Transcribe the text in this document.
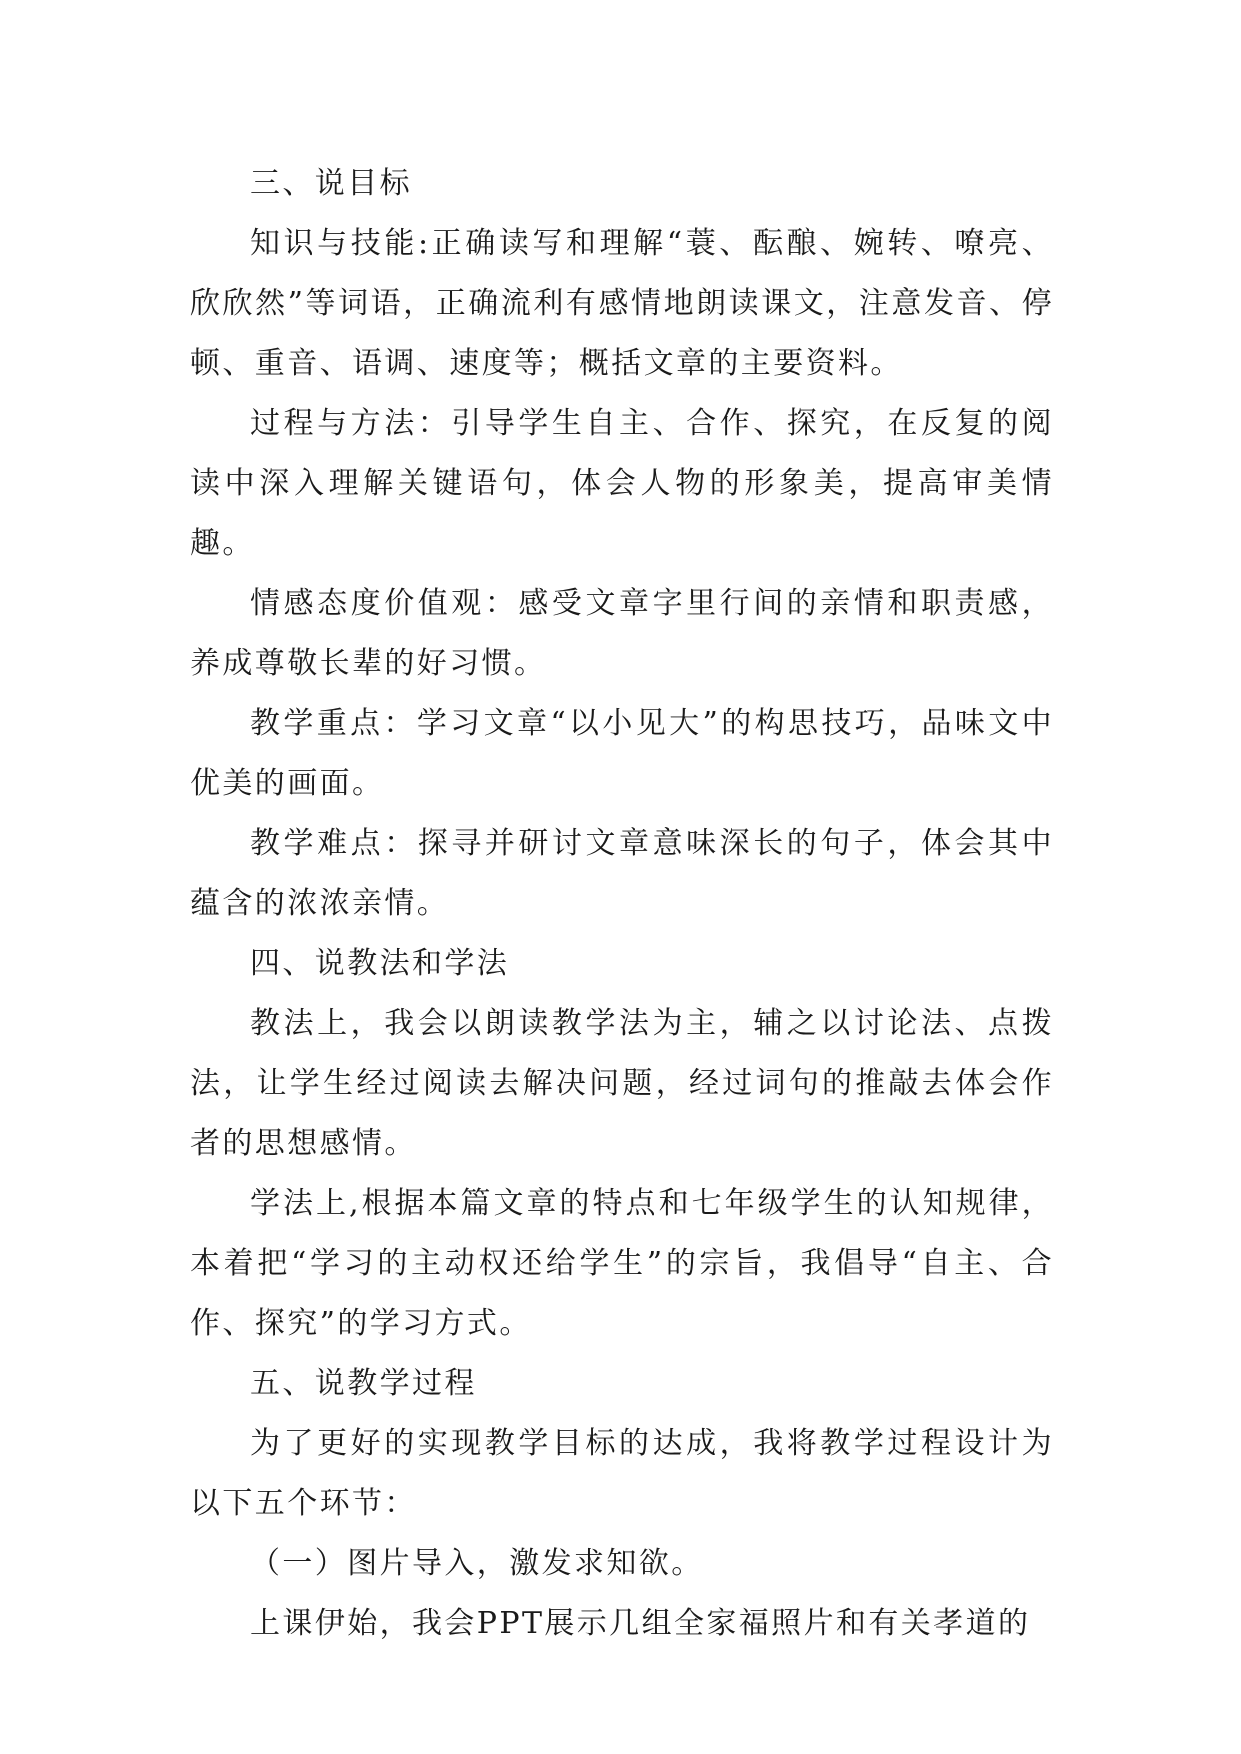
三、说目标

知识与技能:正确读写和理解“蓑、酝酿、婉转、嘹亮、欣欣然”等词语，正确流利有感情地朗读课文，注意发音、停顿、重音、语调、速度等；概括文章的主要资料。

过程与方法：引导学生自主、合作、探究，在反复的阅读中深入理解关键语句，体会人物的形象美，提高审美情趣。

情感态度价值观：感受文章字里行间的亲情和职责感，养成尊敬长辈的好习惯。

教学重点：学习文章“以小见大”的构思技巧，品味文中优美的画面。

教学难点：探寻并研讨文章意味深长的句子，体会其中蕴含的浓浓亲情。

四、说教法和学法

教法上，我会以朗读教学法为主，辅之以讨论法、点拨法，让学生经过阅读去解决问题，经过词句的推敲去体会作者的思想感情。

学法上,根据本篇文章的特点和七年级学生的认知规律，本着把“学习的主动权还给学生”的宗旨，我倡导“自主、合作、探究”的学习方式。

五、说教学过程

为了更好的实现教学目标的达成，我将教学过程设计为以下五个环节：

（一）图片导入，激发求知欲。

上课伊始，我会PPT展示几组全家福照片和有关孝道的
